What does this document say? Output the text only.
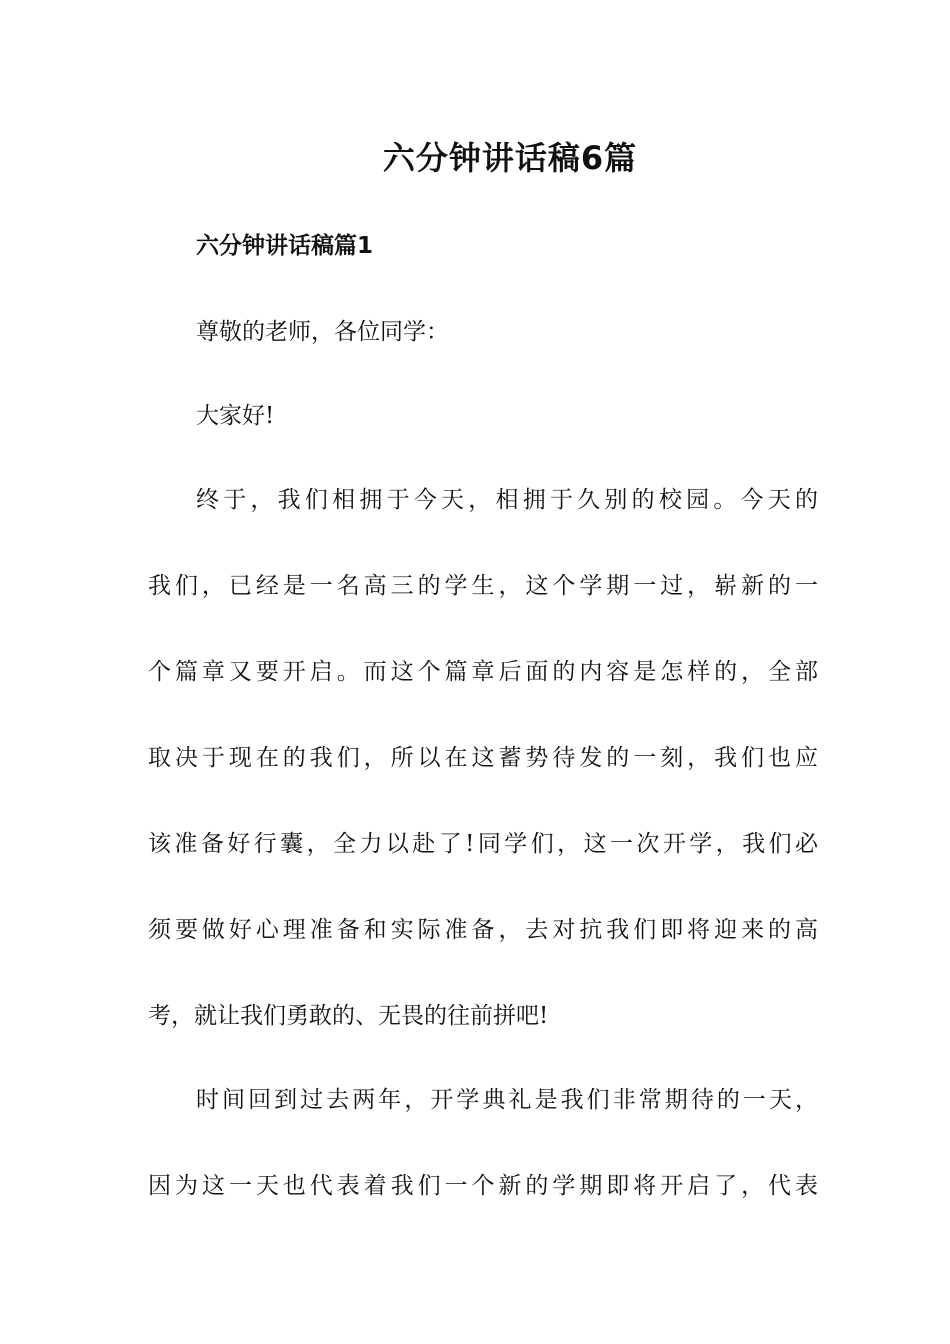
六分钟讲话稿6篇
六分钟讲话稿篇1

尊敬的老师，各位同学：

大家好!

终于，我们相拥于今天，相拥于久别的校园。今天的

我们，已经是一名高三的学生，这个学期一过，崭新的一

个篇章又要开启。而这个篇章后面的内容是怎样的，全部

取决于现在的我们，所以在这蓄势待发的一刻，我们也应

该准备好行囊，全力以赴了!同学们，这一次开学，我们必

须要做好心理准备和实际准备，去对抗我们即将迎来的高

考，就让我们勇敢的、无畏的往前拼吧!

时间回到过去两年，开学典礼是我们非常期待的一天，

因为这一天也代表着我们一个新的学期即将开启了，代表
